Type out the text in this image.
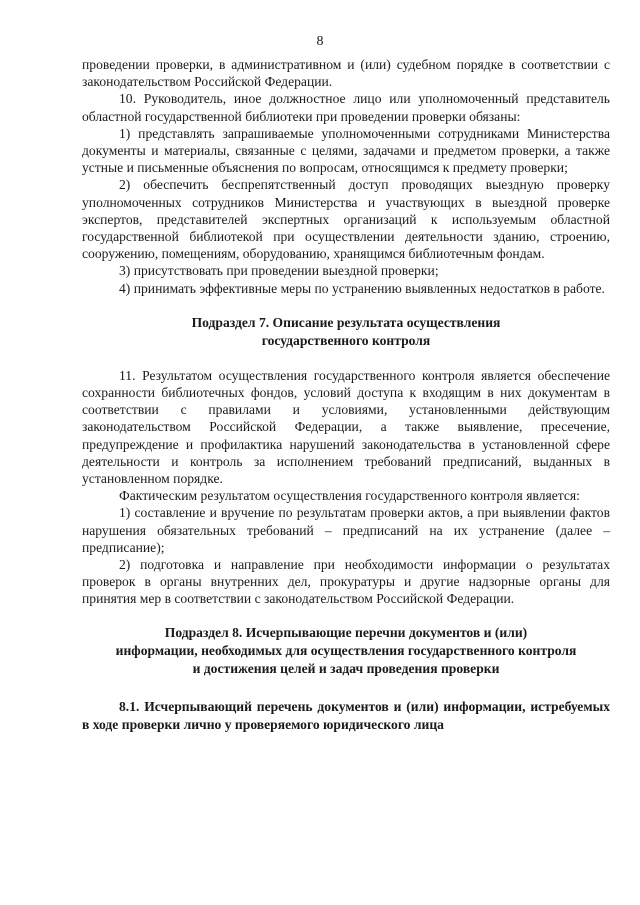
8

проведении проверки, в административном и (или) судебном порядке в соответствии с законодательством Российской Федерации.

10. Руководитель, иное должностное лицо или уполномоченный представитель областной государственной библиотеки при проведении проверки обязаны:

1) представлять запрашиваемые уполномоченными сотрудниками Министерства документы и материалы, связанные с целями, задачами и предметом проверки, а также устные и письменные объяснения по вопросам, относящимся к предмету проверки;

2) обеспечить беспрепятственный доступ проводящих выездную проверку уполномоченных сотрудников Министерства и участвующих в выездной проверке экспертов, представителей экспертных организаций к используемым областной государственной библиотекой при осуществлении деятельности зданию, строению, сооружению, помещениям, оборудованию, хранящимся библиотечным фондам.

3) присутствовать при проведении выездной проверки;

4) принимать эффективные меры по устранению выявленных недостатков в работе.

Подраздел 7. Описание результата осуществления

государственного контроля

11. Результатом осуществления государственного контроля является обеспечение сохранности библиотечных фондов, условий доступа к входящим в них документам в соответствии с правилами и условиями, установленными действующим законодательством Российской Федерации, а также выявление, пресечение, предупреждение и профилактика нарушений законодательства в установленной сфере деятельности и контроль за исполнением требований предписаний, выданных в установленном порядке.

Фактическим результатом осуществления государственного контроля является:

1) составление и вручение по результатам проверки актов, а при выявлении фактов нарушения обязательных требований – предписаний на их устранение (далее – предписание);

2) подготовка и направление при необходимости информации о результатах проверок в органы внутренних дел, прокуратуры и другие надзорные органы для принятия мер в соответствии с законодательством Российской Федерации.

Подраздел 8. Исчерпывающие перечни документов и (или)

информации, необходимых для осуществления государственного контроля

и достижения целей и задач проведения проверки

8.1. Исчерпывающий перечень документов и (или) информации, истребуемых в ходе проверки лично у проверяемого юридического лица
